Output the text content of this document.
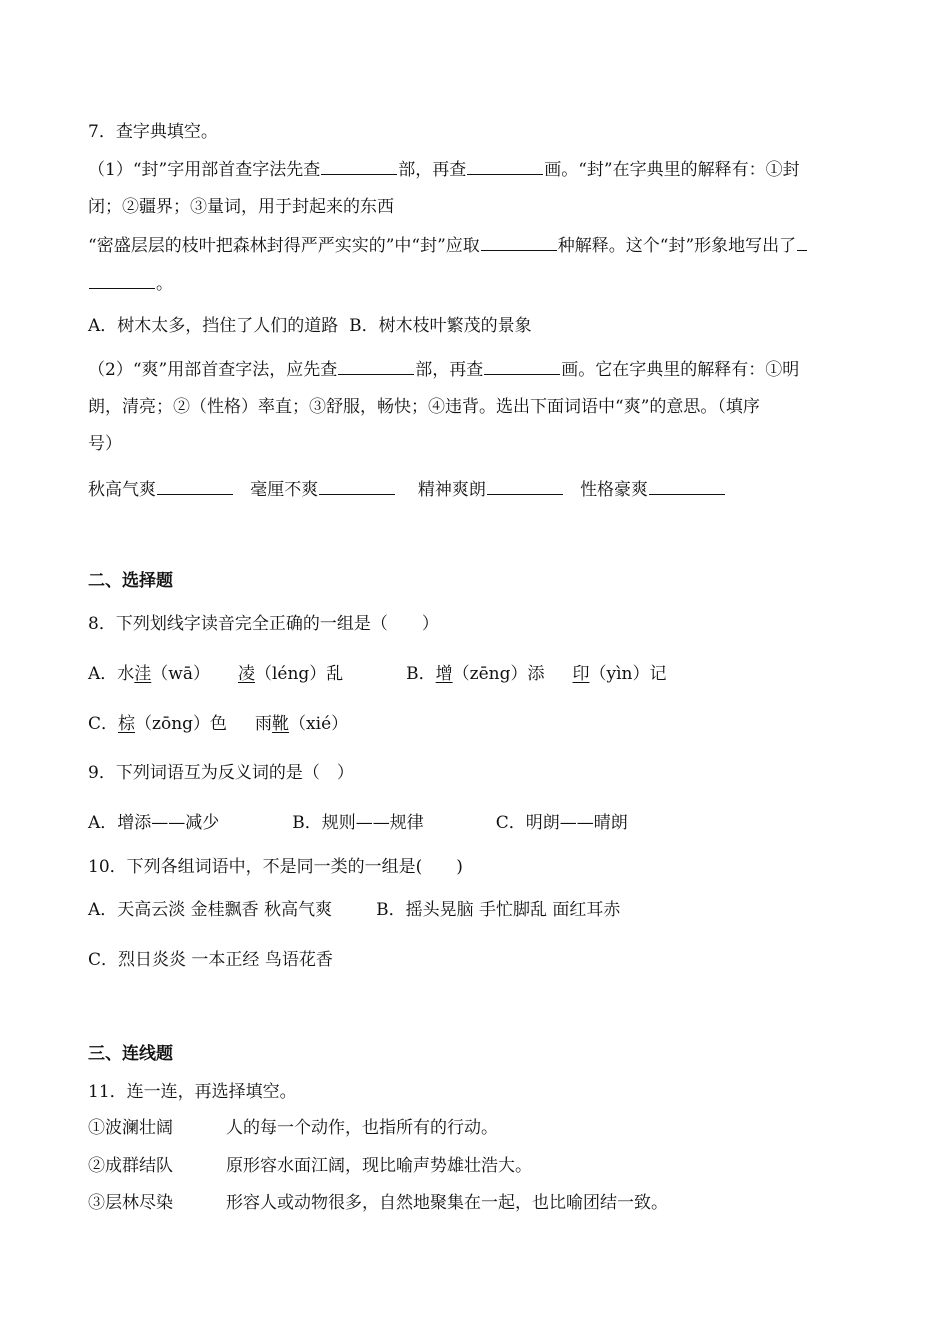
7．查字典填空。
（1）“封”字用部首查字法先查	部，再查	画。“封”在字典里的解释有：①封
闭；②疆界；③量词，用于封起来的东西
“密盛层层的枝叶把森林封得严严实实的”中“封”应取	种解释。这个“封”形象地写出了
。
A．树木太多，挡住了人们的道路 B．树木枝叶繁茂的景象
（2）“爽”用部首查字法，应先查	部，再查	画。它在字典里的解释有：①明
朗，清亮；②（性格）率直；③舒服，畅快；④违背。选出下面词语中“爽”的意思。（填序
号）
秋高气爽	毫厘不爽	精神爽朗	性格豪爽
二、选择题
8．下列划线字读音完全正确的一组是（　　）
A．水洼（wā） 凌（léng）乱	B．增（zēng）添 印（yìn）记
C．棕（zōng）色 雨靴（xié）
9．下列词语互为反义词的是（　）
A．增添——减少	B．规则——规律	C．明朗——晴朗
10．下列各组词语中，不是同一类的一组是(　　)
A．天高云淡 金桂飘香 秋高气爽	B．摇头晃脑 手忙脚乱 面红耳赤
C．烈日炎炎 一本正经 鸟语花香
三、连线题
11．连一连，再选择填空。
①波澜壮阔	人的每一个动作，也指所有的行动。
②成群结队	原形容水面江阔，现比喻声势雄壮浩大。
③层林尽染	形容人或动物很多，自然地聚集在一起，也比喻团结一致。
